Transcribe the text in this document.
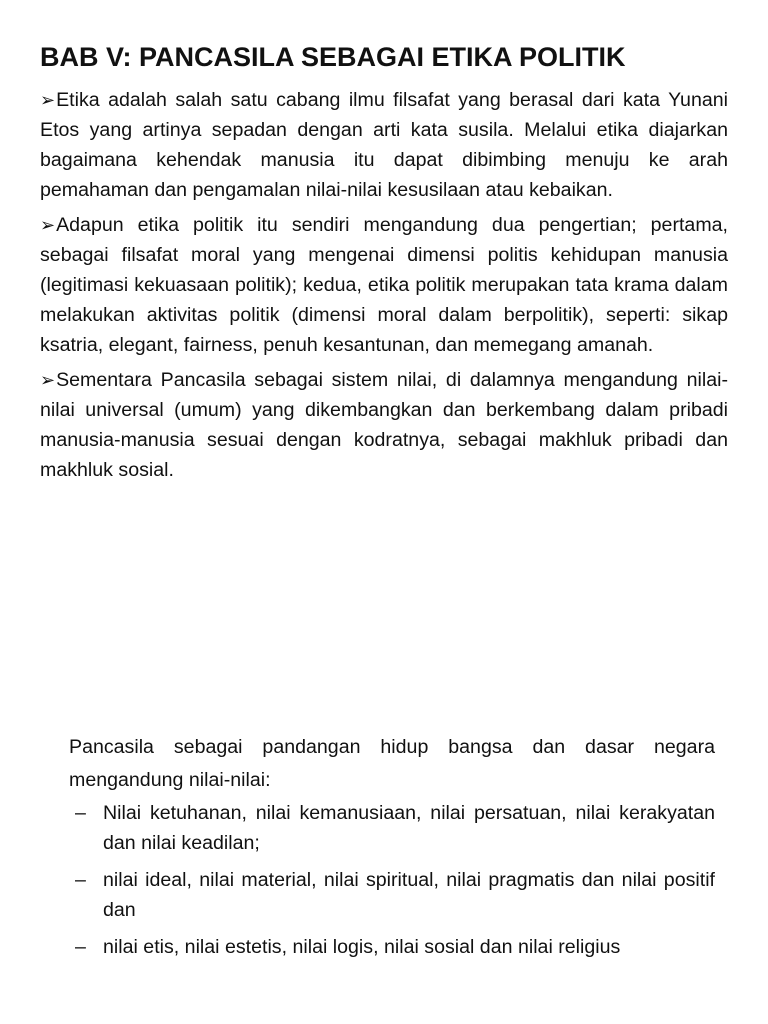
BAB V: PANCASILA SEBAGAI ETIKA POLITIK
➢Etika adalah salah satu cabang ilmu filsafat yang berasal dari kata Yunani Etos yang artinya sepadan dengan arti kata susila. Melalui etika diajarkan bagaimana kehendak manusia itu dapat dibimbing menuju ke arah pemahaman dan pengamalan nilai-nilai kesusilaan atau kebaikan.
➢Adapun etika politik itu sendiri mengandung dua pengertian; pertama, sebagai filsafat moral yang mengenai dimensi politis kehidupan manusia (legitimasi kekuasaan politik); kedua, etika politik merupakan tata krama dalam melakukan aktivitas politik (dimensi moral dalam berpolitik), seperti: sikap ksatria, elegant, fairness, penuh kesantunan, dan memegang amanah.
➢Sementara Pancasila sebagai sistem nilai, di dalamnya mengandung nilai-nilai universal (umum) yang dikembangkan dan berkembang dalam pribadi manusia-manusia sesuai dengan kodratnya, sebagai makhluk pribadi dan makhluk sosial.
Pancasila sebagai pandangan hidup bangsa dan dasar negara mengandung nilai-nilai:
– Nilai ketuhanan, nilai kemanusiaan, nilai persatuan, nilai kerakyatan dan nilai keadilan;
– nilai ideal, nilai material, nilai spiritual, nilai pragmatis dan nilai positif dan
– nilai etis, nilai estetis, nilai logis, nilai sosial dan nilai religius
